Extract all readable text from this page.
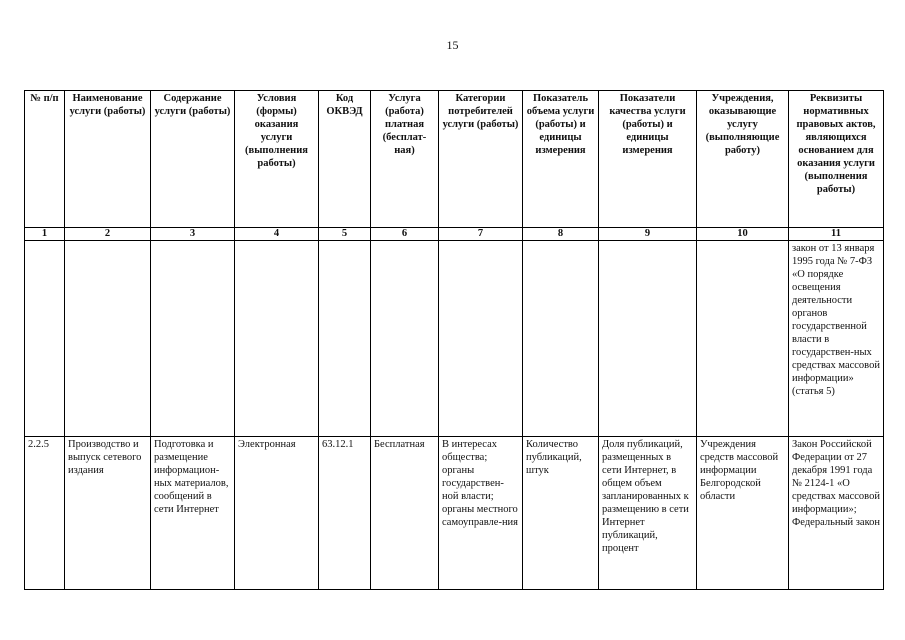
15
№ п/п	Наименование услуги (работы)	Содержание услуги (работы)	Условия (формы) оказания услуги (выполнения работы)	Код ОКВЭД	Услуга (работа) платная (бесплат-ная)	Категории потребителей услуги (работы)	Показатель объема услуги (работы) и единицы измерения	Показатели качества услуги (работы) и единицы измерения	Учреждения, оказывающие услугу (выполняющие работу)	Реквизиты нормативных правовых актов, являющихся основанием для оказания услуги (выполнения работы)
1	2	3	4	5	6	7	8	9	10	11
										закон от 13 января 1995 года № 7-ФЗ «О порядке освещения деятельности органов государственной власти в государствен-ных средствах массовой информации» (статья 5)
2.2.5	Производство и выпуск сетевого издания	Подготовка и размещение информацион-ных материалов, сообщений в сети Интернет	Электронная	63.12.1	Бесплатная	В интересах общества; органы государствен-ной власти; органы местного самоуправле-ния	Количество публикаций, штук	Доля публикаций, размещенных в сети Интернет, в общем объем запланированных к размещению в сети Интернет публикаций, процент	Учреждения средств массовой информации Белгородской области	Закон Российской Федерации от 27 декабря 1991 года № 2124-1 «О средствах массовой информации»; Федеральный закон
